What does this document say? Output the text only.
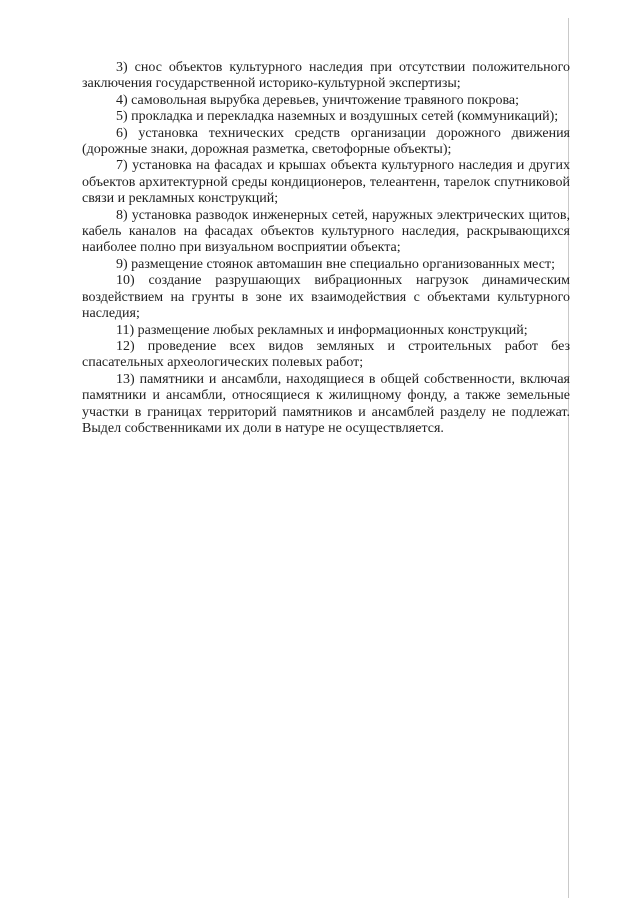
3) снос объектов культурного наследия при отсутствии положительного заключения государственной историко-культурной экспертизы;

4) самовольная вырубка деревьев, уничтожение травяного покрова;

5) прокладка и перекладка наземных и воздушных сетей (коммуникаций);

6) установка технических средств организации дорожного движения (дорожные знаки, дорожная разметка, светофорные объекты);

7) установка на фасадах и крышах объекта культурного наследия и других объектов архитектурной среды кондиционеров, телеантенн, тарелок спутниковой связи и рекламных конструкций;

8) установка разводок инженерных сетей, наружных электрических щитов, кабель каналов на фасадах объектов культурного наследия, раскрывающихся наиболее полно при визуальном восприятии объекта;

9) размещение стоянок автомашин вне специально организованных мест;

10) создание разрушающих вибрационных нагрузок динамическим воздействием на грунты в зоне их взаимодействия с объектами культурного наследия;

11) размещение любых рекламных и информационных конструкций;

12) проведение всех видов земляных и строительных работ без спасательных археологических полевых работ;

13) памятники и ансамбли, находящиеся в общей собственности, включая памятники и ансамбли, относящиеся к жилищному фонду, а также земельные участки в границах территорий памятников и ансамблей разделу не подлежат. Выдел собственниками их доли в натуре не осуществляется.
